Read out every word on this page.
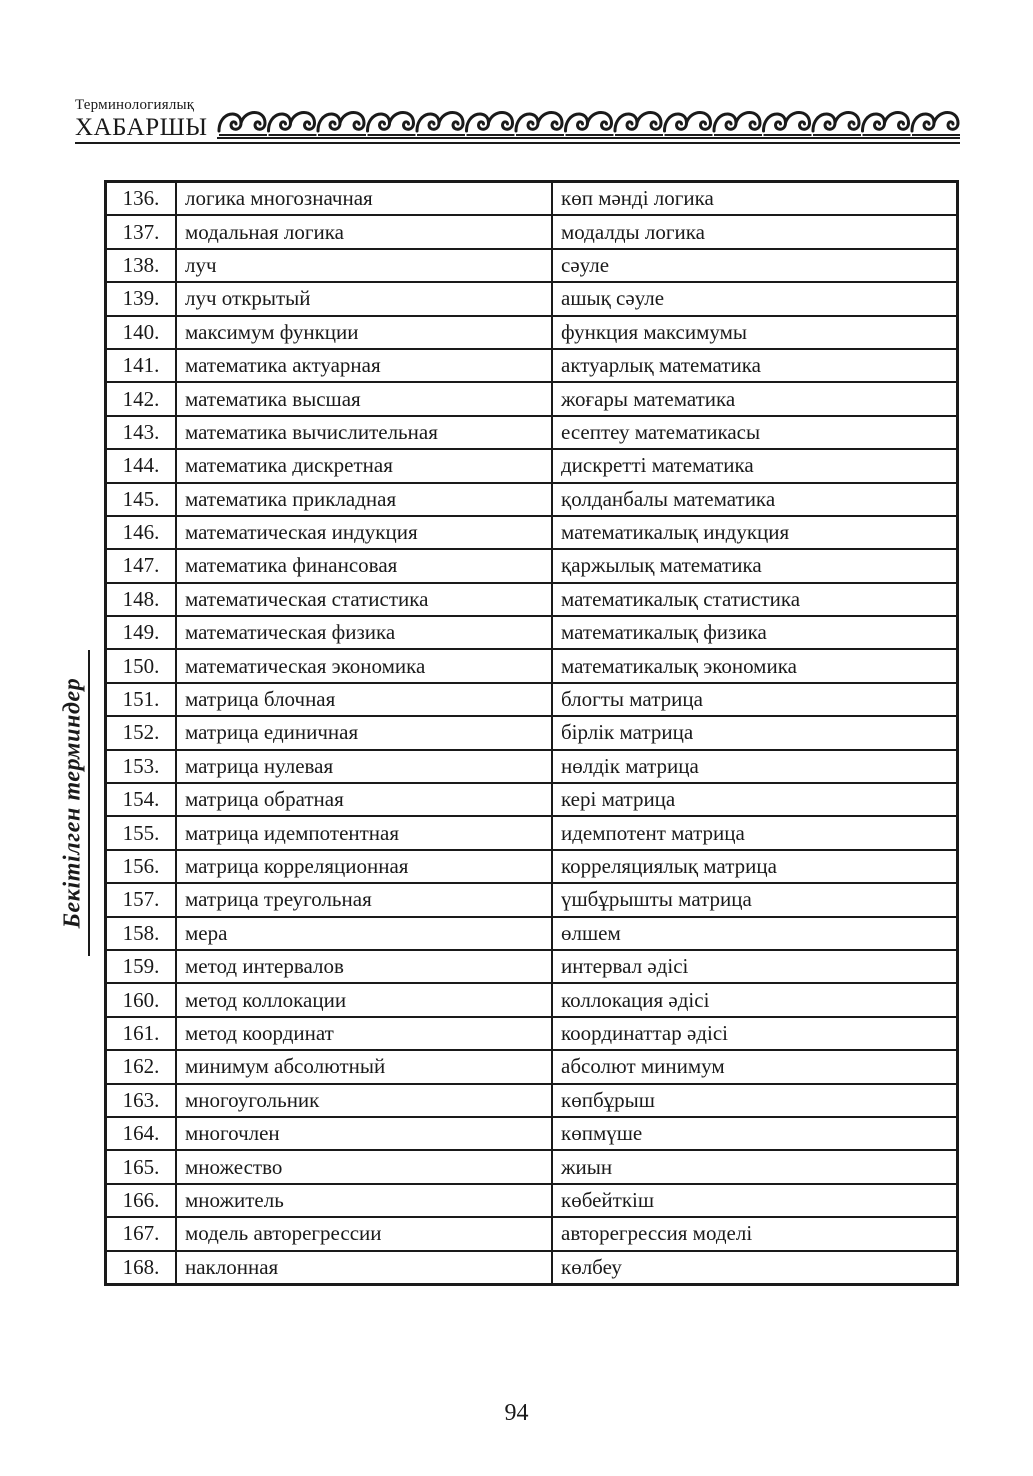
Терминологиялық
ХАБАРШЫ
Бекітілген терминдер
136.	логика многозначная	көп мәнді логика
137.	модальная логика	модалды логика
138.	луч	сәуле
139.	луч открытый	ашық сәуле
140.	максимум функции	функция максимумы
141.	математика актуарная	актуарлық математика
142.	математика высшая	жоғары математика
143.	математика вычислительная	есептеу математикасы
144.	математика дискретная	дискретті математика
145.	математика прикладная	қолданбалы математика
146.	математическая индукция	математикалық индукция
147.	математика финансовая	қаржылық математика
148.	математическая статистика	математикалық статистика
149.	математическая физика	математикалық физика
150.	математическая экономика	математикалық экономика
151.	матрица блочная	блогты матрица
152.	матрица единичная	бірлік матрица
153.	матрица нулевая	нөлдік матрица
154.	матрица обратная	кері матрица
155.	матрица идемпотентная	идемпотент матрица
156.	матрица корреляционная	корреляциялық матрица
157.	матрица треугольная	үшбұрышты матрица
158.	мера	өлшем
159.	метод интервалов	интервал әдісі
160.	метод коллокации	коллокация әдісі
161.	метод координат	координаттар әдісі
162.	минимум абсолютный	абсолют минимум
163.	многоугольник	көпбұрыш
164.	многочлен	көпмүше
165.	множество	жиын
166.	множитель	көбейткіш
167.	модель авторегрессии	авторегрессия моделі
168.	наклонная	көлбеу
94
